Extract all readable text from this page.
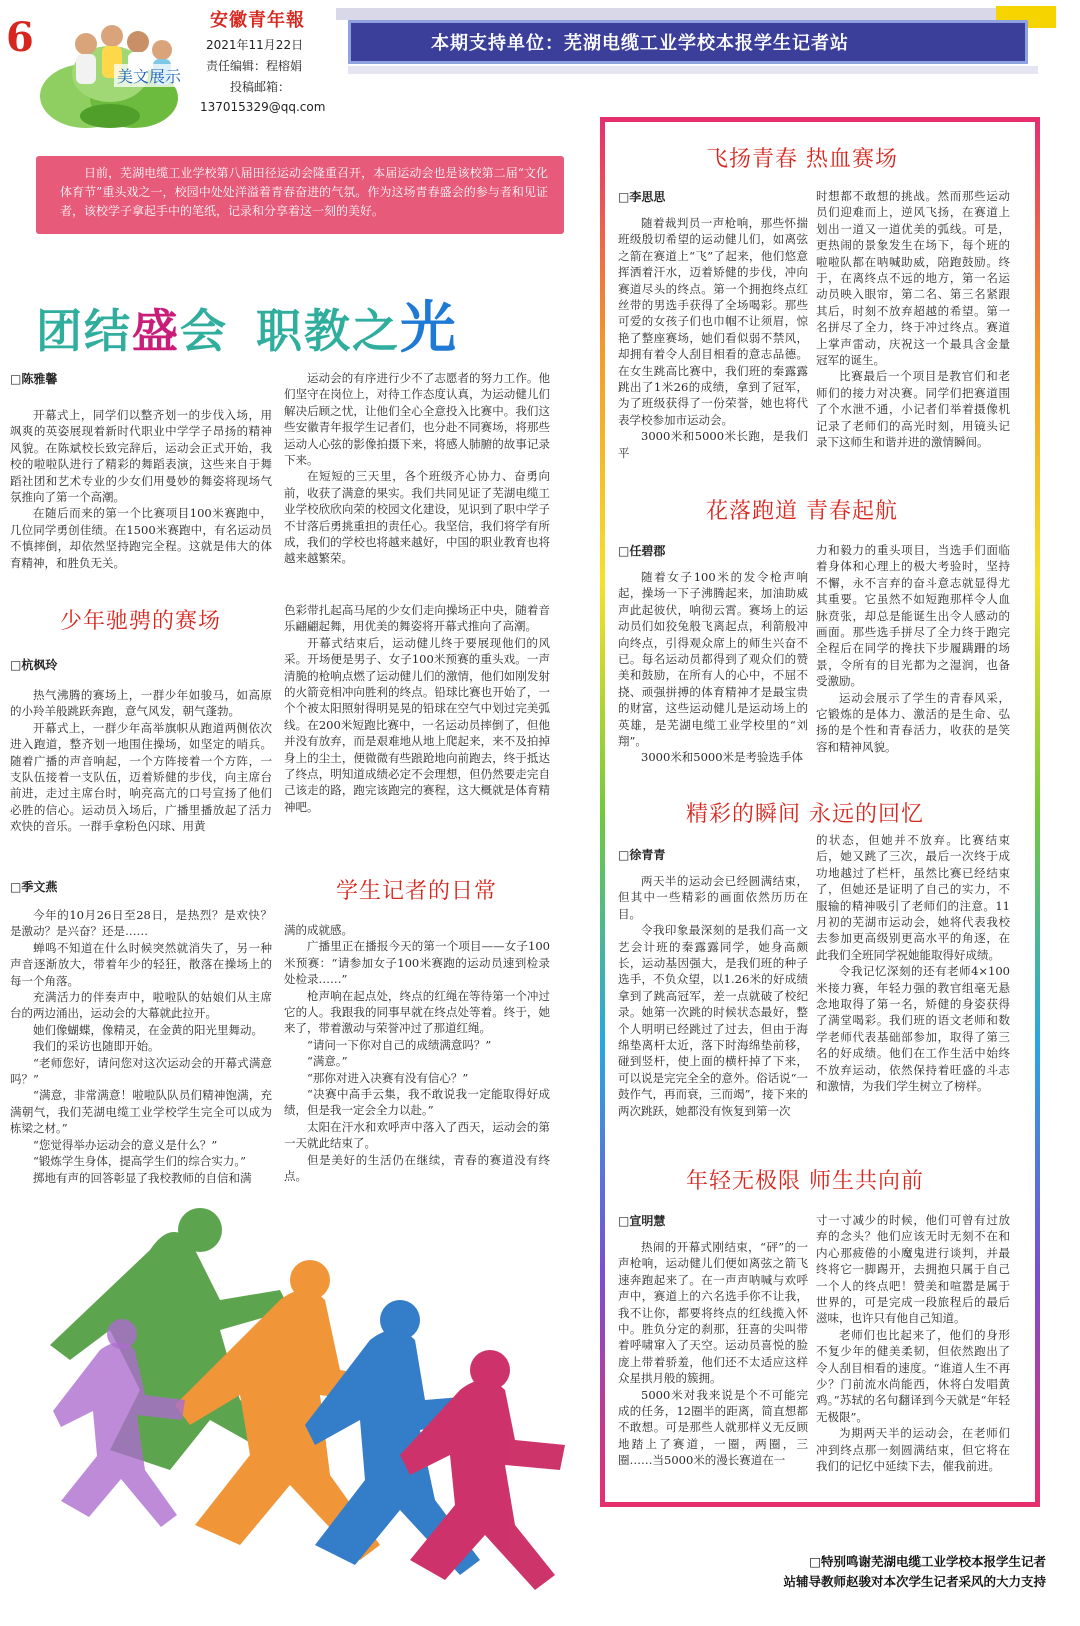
6
美文展示
安徽青年報
2021年11月22日
责任编辑：程榕娟
投稿邮箱：
137015329@qq.com
本期支持单位：芜湖电缆工业学校本报学生记者站

日前，芜湖电缆工业学校第八届田径运动会隆重召开，本届运动会也是该校第二届“文化体育节”重头戏之一，校园中处处洋溢着青春奋进的气氛。作为这场青春盛会的参与者和见证者，该校学子拿起手中的笔纸，记录和分享着这一刻的美好。

团结盛会 职教之光
□陈雅馨

开幕式上，同学们以整齐划一的步伐入场，用飒爽的英姿展现着新时代职业中学学子昂扬的精神风貌。在陈斌校长致完辞后，运动会正式开始，我校的啦啦队进行了精彩的舞蹈表演，这些来自于舞蹈社团和艺术专业的少女们用曼妙的舞姿将现场气氛推向了第一个高潮。

在随后而来的第一个比赛项目100米赛跑中，几位同学勇创佳绩。在1500米赛跑中，有名运动员不慎摔倒，却依然坚持跑完全程。这就是伟大的体育精神，和胜负无关。

运动会的有序进行少不了志愿者的努力工作。他们坚守在岗位上，对待工作态度认真，为运动健儿们解决后顾之忧，让他们全心全意投入比赛中。我们这些安徽青年报学生记者们，也分赴不同赛场，将那些运动人心弦的影像拍摄下来，将感人肺腑的故事记录下来。

在短短的三天里，各个班级齐心协力、奋勇向前，收获了满意的果实。我们共同见证了芜湖电缆工业学校欣欣向荣的校园文化建设，见识到了职中学子不甘落后勇挑重担的责任心。我坚信，我们将学有所成，我们的学校也将越来越好，中国的职业教育也将越来越繁荣。

少年驰骋的赛场
□杭枫玲

热气沸腾的赛场上，一群少年如骏马，如高原的小羚羊般跳跃奔跑，意气风发，朝气蓬勃。

开幕式上，一群少年高举旗帜从跑道两侧依次进入跑道，整齐划一地围住操场，如坚定的哨兵。随着广播的声音响起，一个方阵接着一个方阵，一支队伍接着一支队伍，迈着矫健的步伐，向主席台前进，走过主席台时，响亮高亢的口号宣扬了他们必胜的信心。运动员入场后，广播里播放起了活力欢快的音乐。一群手拿粉色闪球、用黄

色彩带扎起高马尾的少女们走向操场正中央，随着音乐翩翩起舞，用优美的舞姿将开幕式推向了高潮。

开幕式结束后，运动健儿终于要展现他们的风采。开场便是男子、女子100米预赛的重头戏。一声清脆的枪响点燃了运动健儿们的激情，他们如刚发射的火箭竞相冲向胜利的终点。铅球比赛也开始了，一个个被太阳照射得明晃晃的铅球在空气中划过完美弧线。在200米短跑比赛中，一名运动员摔倒了，但他并没有放弃，而是艰难地从地上爬起来，来不及拍掉身上的尘土，便微微有些踉跄地向前跑去，终于抵达了终点，明知道成绩必定不会理想，但仍然要走完自己该走的路，跑完该跑完的赛程，这大概就是体育精神吧。

学生记者的日常
□季文燕

今年的10月26日至28日，是热烈？是欢快？是激动？是兴奋？还是……

蝉鸣不知道在什么时候突然就消失了，另一种声音逐渐放大，带着年少的轻狂，散落在操场上的每一个角落。

充满活力的伴奏声中，啦啦队的姑娘们从主席台的两边涌出，运动会的大幕就此拉开。

她们像蝴蝶，像精灵，在金黄的阳光里舞动。

我们的采访也随即开始。

“老师您好，请问您对这次运动会的开幕式满意吗？”

“满意，非常满意！啦啦队队员们精神饱满，充满朝气，我们芜湖电缆工业学校学生完全可以成为栋梁之材。”

“您觉得举办运动会的意义是什么？”

“锻炼学生身体，提高学生们的综合实力。”

掷地有声的回答彰显了我校教师的自信和满

满的成就感。

广播里正在播报今天的第一个项目——女子100米预赛：“请参加女子100米赛跑的运动员速到检录处检录……”

枪声响在起点处，终点的红绳在等待第一个冲过它的人。我跟我的同事早就在终点处等着。终于，她来了，带着激动与荣誉冲过了那道红绳。

“请问一下你对自己的成绩满意吗？”

“满意。”

“那你对进入决赛有没有信心？”

“决赛中高手云集，我不敢说我一定能取得好成绩，但是我一定会全力以赴。”

太阳在汗水和欢呼声中落入了西天，运动会的第一天就此结束了。

但是美好的生活仍在继续，青春的赛道没有终点。

飞扬青春 热血赛场
□李思思

随着裁判员一声枪响，那些怀揣班级殷切希望的运动健儿们，如离弦之箭在赛道上“飞”了起来，他们悠意挥洒着汗水，迈着矫健的步伐，冲向赛道尽头的终点。第一个拥抱终点红丝带的男选手获得了全场喝彩。那些可爱的女孩子们也巾帼不让须眉，惊艳了整座赛场，她们看似弱不禁风，却拥有着令人刮目相看的意志品德。在女生跳高比赛中，我们班的秦露露跳出了1米26的成绩，拿到了冠军，为了班级获得了一份荣誉，她也将代表学校参加市运动会。

3000米和5000米长跑，是我们平

时想都不敢想的挑战。然而那些运动员们迎难而上，逆风飞扬，在赛道上划出一道又一道优美的弧线。可是，更热闹的景象发生在场下，每个班的啦啦队都在呐喊助威，陪跑鼓励。终于，在离终点不远的地方，第一名运动员映入眼帘，第二名、第三名紧跟其后，时刻不放弃超越的希望。第一名拼尽了全力，终于冲过终点。赛道上掌声雷动，庆祝这一个最具含金量冠军的诞生。

比赛最后一个项目是教官们和老师们的接力对决赛。同学们把赛道围了个水泄不通，小记者们举着摄像机记录了老师们的高光时刻，用镜头记录下这师生和谐并进的激情瞬间。

花落跑道 青春起航
□任碧郡

随着女子100米的发令枪声响起，操场一下子沸腾起来，加油助威声此起彼伏，响彻云霄。赛场上的运动员们如狡兔般飞离起点，利箭般冲向终点，引得观众席上的师生兴奋不已。每名运动员都得到了观众们的赞美和鼓励，在所有人的心中，不屈不挠、顽强拼搏的体育精神才是最宝贵的财富，这些运动健儿是运动场上的英雄，是芜湖电缆工业学校里的“刘翔”。

3000米和5000米是考验选手体

力和毅力的重头项目，当选手们面临着身体和心理上的极大考验时，坚持不懈，永不言弃的奋斗意志就显得尤其重要。它虽然不如短跑那样令人血脉贲张，却总是能诞生出令人感动的画面。那些选手拼尽了全力终于跑完全程后在同学的搀扶下步履蹒跚的场景，令所有的目光都为之湿润，也备受激励。

运动会展示了学生的青春风采，它锻炼的是体力、激活的是生命、弘扬的是个性和青春活力，收获的是笑容和精神风貌。

精彩的瞬间 永远的回忆
□徐青青

两天半的运动会已经圆满结束，但其中一些精彩的画面依然历历在目。

令我印象最深刻的是我们高一文艺会计班的秦露露同学，她身高颇长，运动基因强大，是我们班的种子选手，不负众望，以1.26米的好成绩拿到了跳高冠军，差一点就破了校纪录。她第一次跳的时候状态最好，整个人明明已经跳过了过去，但由于海绵垫离杆太近，落下时海绵垫前移，碰到竖杆，使上面的横杆掉了下来，可以说是完完全全的意外。俗话说“一鼓作气，再而衰，三而竭”，接下来的两次跳跃，她都没有恢复到第一次

的状态，但她并不放弃。比赛结束后，她又跳了三次，最后一次终于成功地越过了栏杆，虽然比赛已经结束了，但她还是证明了自己的实力，不服输的精神吸引了老师们的注意。11月初的芜湖市运动会，她将代表我校去参加更高级别更高水平的角逐，在此我们全班同学祝她能取得好成绩。

令我记忆深刻的还有老师4×100米接力赛，年轻力强的教官组毫无悬念地取得了第一名，矫健的身姿获得了满堂喝彩。我们班的语文老师和数学老师代表基础部参加，取得了第三名的好成绩。他们在工作生活中始终不放弃运动，依然保持着旺盛的斗志和激情，为我们学生树立了榜样。

年轻无极限 师生共向前
□宣明慧

热闹的开幕式刚结束，“砰”的一声枪响，运动健儿们便如离弦之箭飞速奔跑起来了。在一声声呐喊与欢呼声中，赛道上的六名选手你不让我，我不让你，都要将终点的红线揽入怀中。胜负分定的刹那，狂喜的尖叫带着呼啸窜入了天空。运动员喜悦的脸庞上带着骄羞，他们还不太适应这样众星拱月般的簇拥。

5000米对我来说是个不可能完成的任务，12圈半的距离，简直想都不敢想。可是那些人就那样义无反顾地踏上了赛道，一圈，两圈，三圈……当5000米的漫长赛道在一

寸一寸减少的时候，他们可曾有过放弃的念头？他们应该无时无刻不在和内心那疲倦的小魔鬼进行谈判，并最终将它一脚踢开，去拥抱只属于自己一个人的终点吧！赞美和喧嚣是属于世界的，可是完成一段旅程后的最后滋味，也许只有他自己知道。

老师们也比起来了，他们的身形不复少年的健美柔韧，但依然跑出了令人刮目相看的速度。“谁道人生不再少？门前流水尚能西，休将白发唱黄鸡。”苏轼的名句翻译到今天就是“年轻无极限”。

为期两天半的运动会，在老师们冲到终点那一刻圆满结束，但它将在我们的记忆中延续下去，催我前进。

□特别鸣谢芜湖电缆工业学校本报学生记者
站辅导教师赵骏对本次学生记者采风的大力支持
